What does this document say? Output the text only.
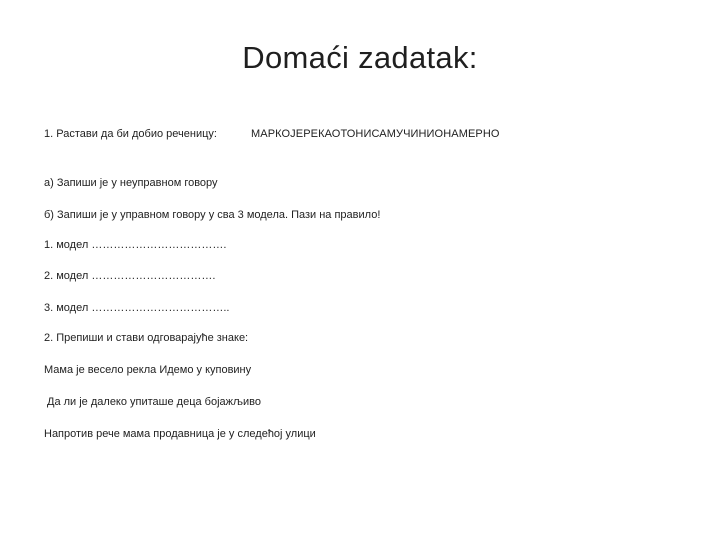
Domaći zadatak:
1. Растави да би добио реченицу:	МАРКОЈЕРЕКАОТОНИСАМУЧИНИОНАМЕРНО
а) Запиши је у неуправном говору
б) Запиши је у управном говору у сва 3 модела. Пази на правило!
1. модел ……………………………….
2. модел …………………………….
3. модел ………………………………..
2. Препиши и стави одговарајуће знаке:
Мама је весело рекла Идемо у куповину
Да ли је далеко упиташе деца бојажљиво
Напротив рече мама продавница је у следећој улици
